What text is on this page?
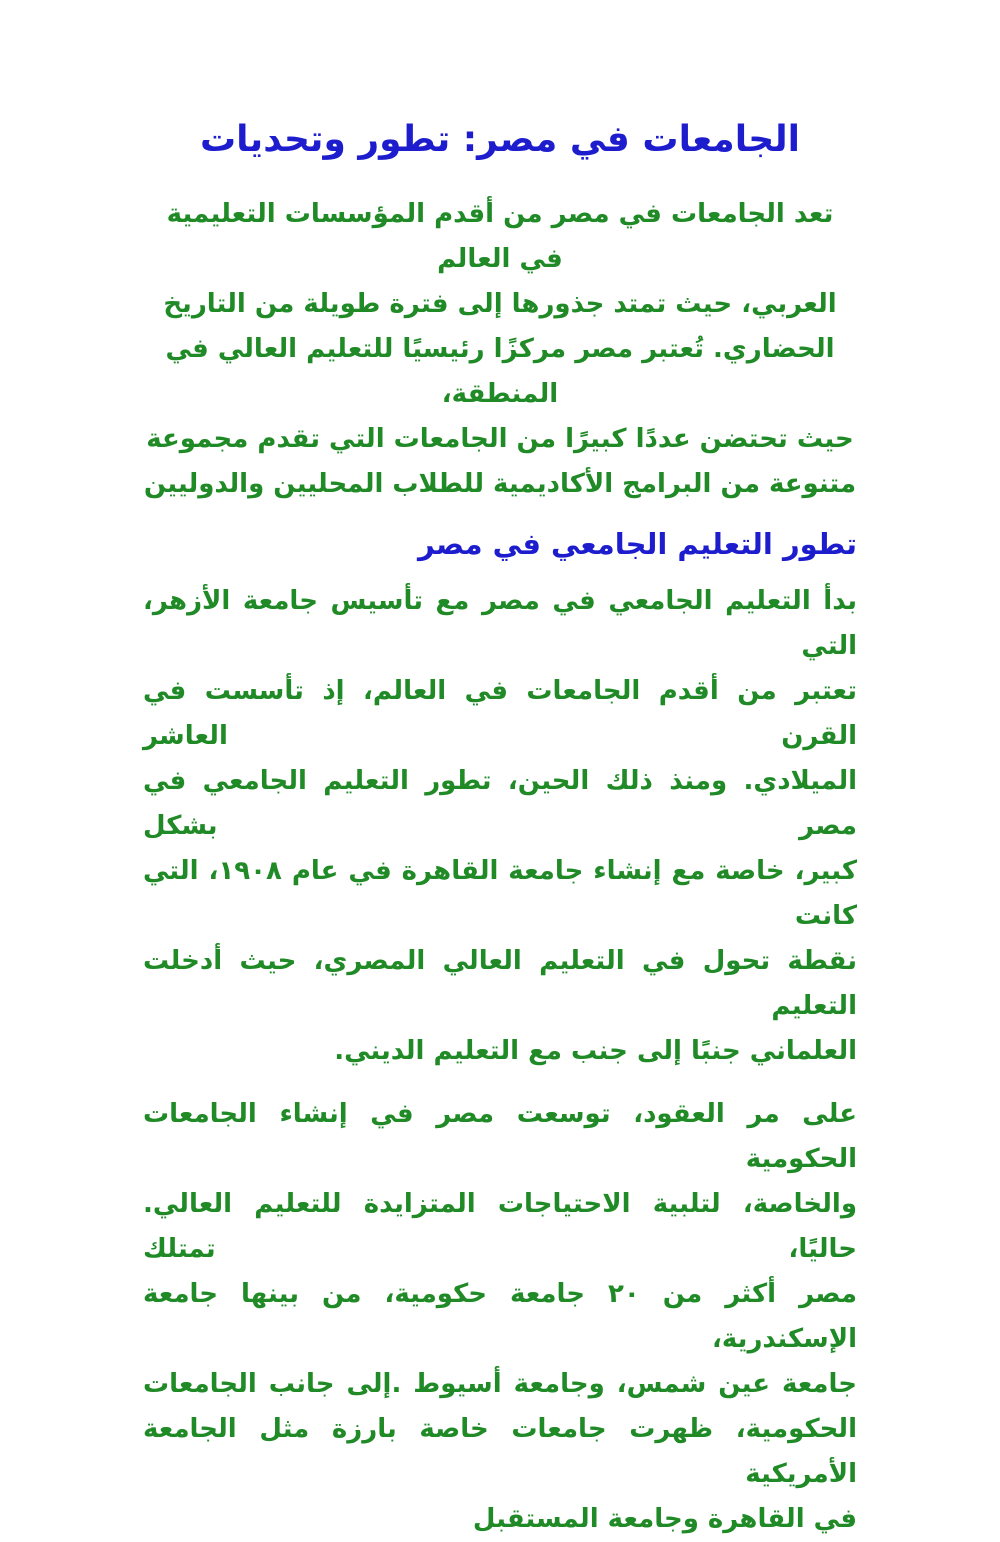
الجامعات في مصر: تطور وتحديات
تعد الجامعات في مصر من أقدم المؤسسات التعليمية في العالم
العربي، حيث تمتد جذورها إلى فترة طويلة من التاريخ
الحضاري. تُعتبر مصر مركزًا رئيسيًا للتعليم العالي في المنطقة،
حيث تحتضن عددًا كبيرًا من الجامعات التي تقدم مجموعة
متنوعة من البرامج الأكاديمية للطلاب المحليين والدوليين
تطور التعليم الجامعي في مصر
بدأ التعليم الجامعي في مصر مع تأسيس جامعة الأزهر، التي
تعتبر من أقدم الجامعات في العالم، إذ تأسست في القرن العاشر
الميلادي. ومنذ ذلك الحين، تطور التعليم الجامعي في مصر بشكل
كبير، خاصة مع إنشاء جامعة القاهرة في عام ١٩٠٨، التي كانت
نقطة تحول في التعليم العالي المصري، حيث أدخلت التعليم
العلماني جنبًا إلى جنب مع التعليم الديني.
على مر العقود، توسعت مصر في إنشاء الجامعات الحكومية
والخاصة، لتلبية الاحتياجات المتزايدة للتعليم العالي. حاليًا، تمتلك
مصر أكثر من ٢٠ جامعة حكومية، من بينها جامعة الإسكندرية،
جامعة عين شمس، وجامعة أسيوط .إلى جانب الجامعات
الحكومية، ظهرت جامعات خاصة بارزة مثل الجامعة الأمريكية
في القاهرة وجامعة المستقبل
